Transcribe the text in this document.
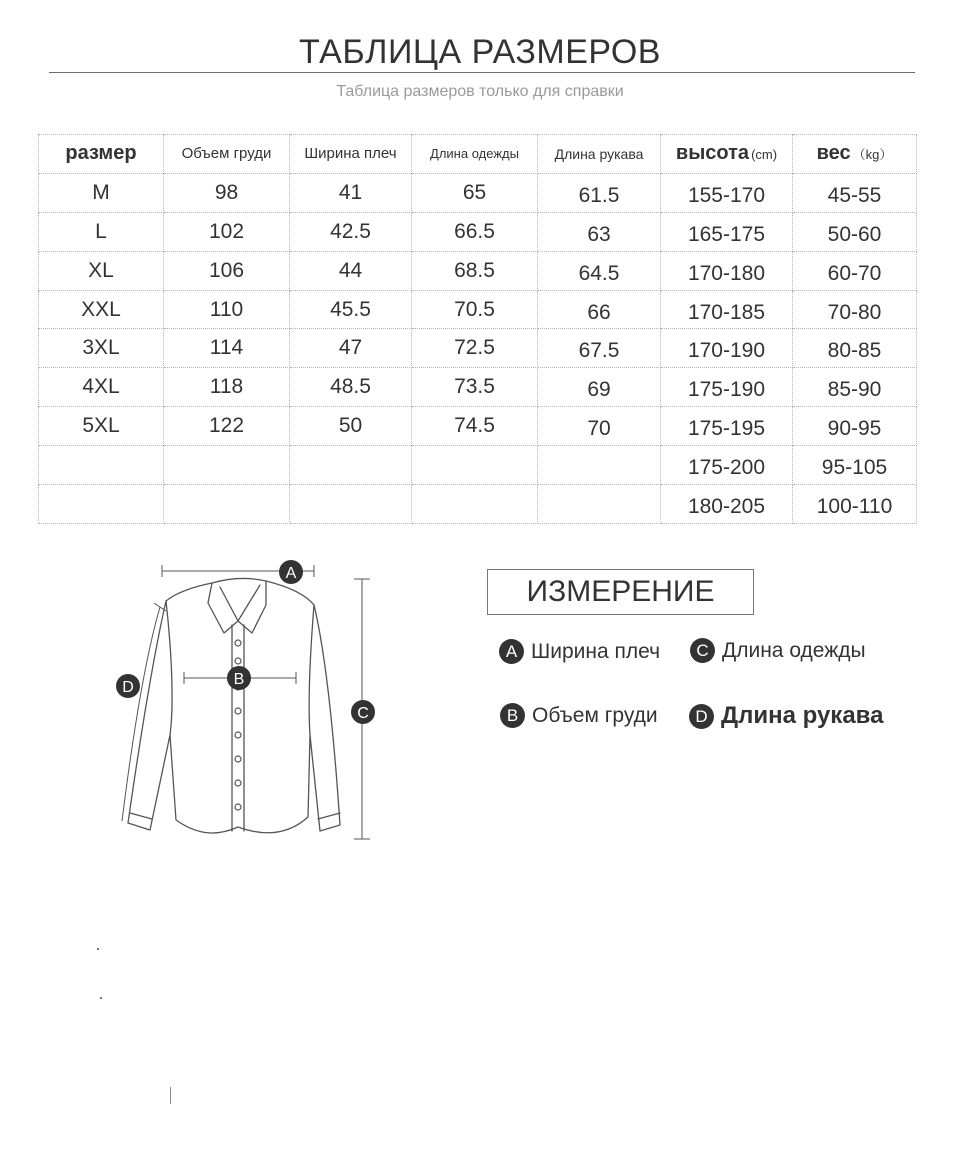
ТАБЛИЦА РАЗМЕРОВ
Таблица размеров только для справки
размер	Объем груди	Ширина плеч	Длина одежды	Длина рукава	высота (cm)	вес （kg）
M	98	41	65	61.5	155-170	45-55
L	102	42.5	66.5	63	165-175	50-60
XL	106	44	68.5	64.5	170-180	60-70
XXL	110	45.5	70.5	66	170-185	70-80
3XL	114	47	72.5	67.5	170-190	80-85
4XL	118	48.5	73.5	69	175-190	85-90
5XL	122	50	74.5	70	175-195	90-95
					175-200	95-105
					180-205	100-110
A
B
C
D
ИЗМЕРЕНИЕ
A Ширина плеч	C Длина одежды
B Объем груди	D Длина рукава
